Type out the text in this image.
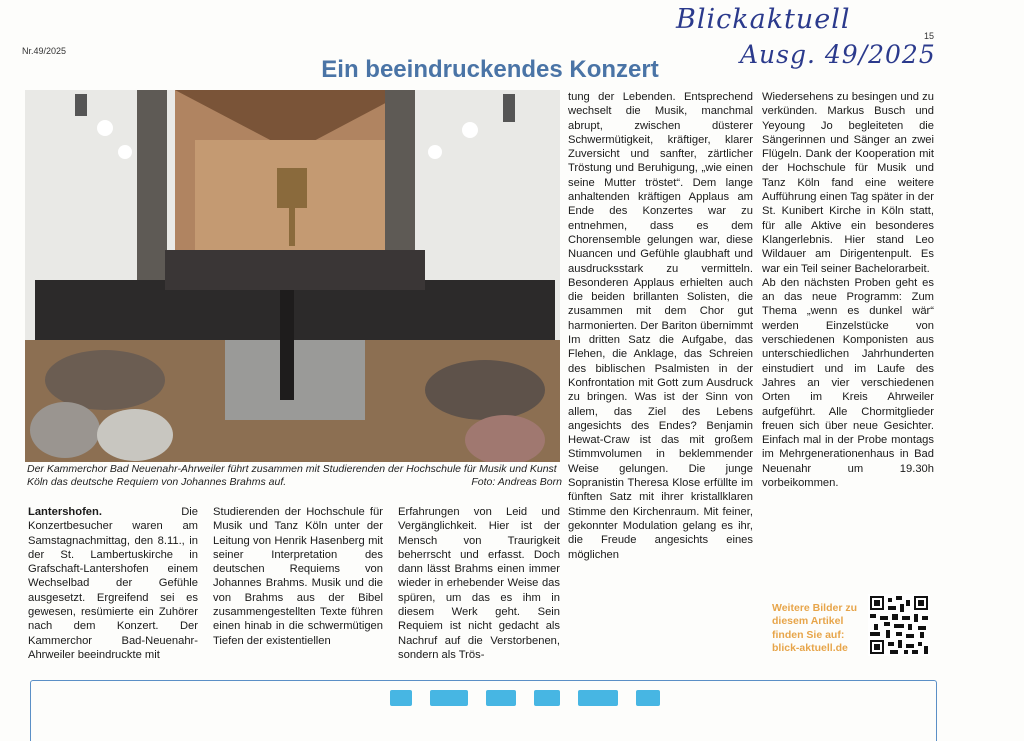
Blickaktuell
Ausg. 49/2025
Nr.49/2025
15
Ein beeindruckendes Konzert
Der Kammerchor Bad Neuenahr-Ahrweiler führt zusammen mit Studierenden der Hochschule für Musik und Kunst Köln das deutsche Requiem von Johannes Brahms auf.	Foto: Andreas Born
Lantershofen.	Die Konzertbesucher waren am Samstagnachmittag, den 8.11., in der St. Lambertuskirche in Grafschaft-Lantershofen einem Wechselbad der Gefühle ausgesetzt. Ergreifend sei es gewesen, resümierte ein Zuhörer nach dem Konzert. Der Kammerchor Bad-Neuenahr-Ahrweiler beeindruckte mit
Studierenden der Hochschule für Musik und Tanz Köln unter der Leitung von Henrik Hasenberg mit seiner Interpretation des deutschen Requiems von Johannes Brahms. Musik und die von Brahms aus der Bibel zusammengestellten Texte führen einen hinab in die schwermütigen Tiefen der existentiellen
Erfahrungen von Leid und Vergänglichkeit. Hier ist der Mensch von Traurigkeit beherrscht und erfasst. Doch dann lässt Brahms einen immer wieder in erhebender Weise das spüren, um das es ihm in diesem Werk geht. Sein Requiem ist nicht gedacht als Nachruf auf die Verstorbenen, sondern als Trös-
tung der Lebenden. Entsprechend wechselt die Musik, manchmal abrupt, zwischen düsterer Schwermütigkeit, kräftiger, klarer Zuversicht und sanfter, zärtlicher Tröstung und Beruhigung, „wie einen seine Mutter tröstet“. Dem lange anhaltenden kräftigen Applaus am Ende des Konzertes war zu entnehmen, dass es dem Chorensemble gelungen war, diese Nuancen und Gefühle glaubhaft und ausdrucksstark zu vermitteln. Besonderen Applaus erhielten auch die beiden brillanten Solisten, die zusammen mit dem Chor gut harmonierten. Der Bariton übernimmt Im dritten Satz die Aufgabe, das Flehen, die Anklage, das Schreien des biblischen Psalmisten in der Konfrontation mit Gott zum Ausdruck zu bringen. Was ist der Sinn von allem, das Ziel des Lebens angesichts des Endes? Benjamin Hewat-Craw ist das mit großem Stimmvolumen in beklemmender Weise gelungen. Die junge Sopranistin Theresa Klose erfüllte im fünften Satz mit ihrer kristallklaren Stimme den Kirchenraum. Mit feiner, gekonnter Modulation gelang es ihr, die Freude angesichts eines möglichen
Wiedersehens zu besingen und zu verkünden. Markus Busch und Yeyoung Jo begleiteten die Sängerinnen und Sänger an zwei Flügeln. Dank der Kooperation mit der Hochschule für Musik und Tanz Köln fand eine weitere Aufführung einen Tag später in der St. Kunibert Kirche in Köln statt, für alle Aktive ein besonderes Klangerlebnis. Hier stand Leo Wildauer am Dirigentenpult. Es war ein Teil seiner Bachelorarbeit.
Ab den nächsten Proben geht es an das neue Programm: Zum Thema „wenn es dunkel wär“ werden Einzelstücke von verschiedenen Komponisten aus unterschiedlichen Jahrhunderten einstudiert und im Laufe des Jahres an vier verschiedenen Orten im Kreis Ahrweiler aufgeführt. Alle Chormitglieder freuen sich über neue Gesichter. Einfach mal in der Probe montags im Mehrgenerationenhaus in Bad Neuenahr um 19.30h vorbeikommen.
Weitere Bilder zu diesem Artikel finden Sie auf: blick-aktuell.de
